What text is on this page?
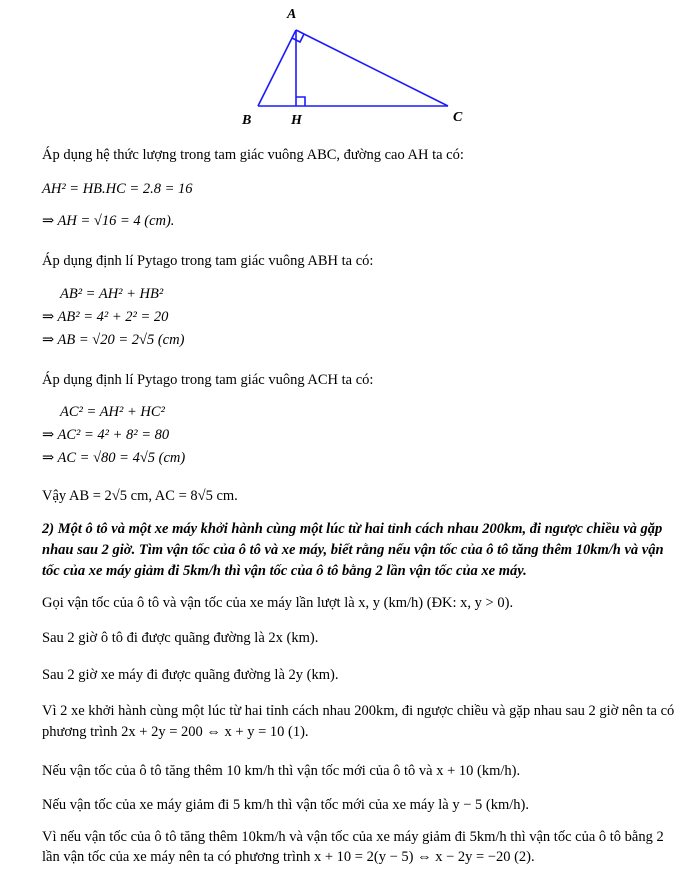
A
B	H	C
Áp dụng hệ thức lượng trong tam giác vuông ABC, đường cao AH ta có:
AH² = HB.HC = 2.8 = 16
⇒ AH = √16 = 4 (cm).
Áp dụng định lí Pytago trong tam giác vuông ABH ta có:
AB² = AH² + HB²
⇒ AB² = 4² + 2² = 20
⇒ AB = √20 = 2√5 (cm)
Áp dụng định lí Pytago trong tam giác vuông ACH ta có:
AC² = AH² + HC²
⇒ AC² = 4² + 8² = 80
⇒ AC = √80 = 4√5 (cm)
Vậy AB = 2√5 cm, AC = 8√5 cm.
2) Một ô tô và một xe máy khởi hành cùng một lúc từ hai tỉnh cách nhau 200km, đi ngược chiều và gặp
nhau sau 2 giờ. Tìm vận tốc của ô tô và xe máy, biết rằng nếu vận tốc của ô tô tăng thêm 10km/h và vận
tốc của xe máy giảm đi 5km/h thì vận tốc của ô tô bằng 2 lần vận tốc của xe máy.
Gọi vận tốc của ô tô và vận tốc của xe máy lần lượt là x, y (km/h) (ĐK: x, y > 0).
Sau 2 giờ ô tô đi được quãng đường là 2x (km).
Sau 2 giờ xe máy đi được quãng đường là 2y (km).
Vì 2 xe khởi hành cùng một lúc từ hai tỉnh cách nhau 200km, đi ngược chiều và gặp nhau sau 2 giờ nên ta có
phương trình 2x + 2y = 200 ⇔ x + y = 10 (1).
Nếu vận tốc của ô tô tăng thêm 10 km/h thì vận tốc mới của ô tô và x + 10 (km/h).
Nếu vận tốc của xe máy giảm đi 5 km/h thì vận tốc mới của xe máy là y − 5 (km/h).
Vì nếu vận tốc của ô tô tăng thêm 10km/h và vận tốc của xe máy giảm đi 5km/h thì vận tốc của ô tô bằng 2
lần vận tốc của xe máy nên ta có phương trình x + 10 = 2(y − 5) ⇔ x − 2y = −20 (2).
